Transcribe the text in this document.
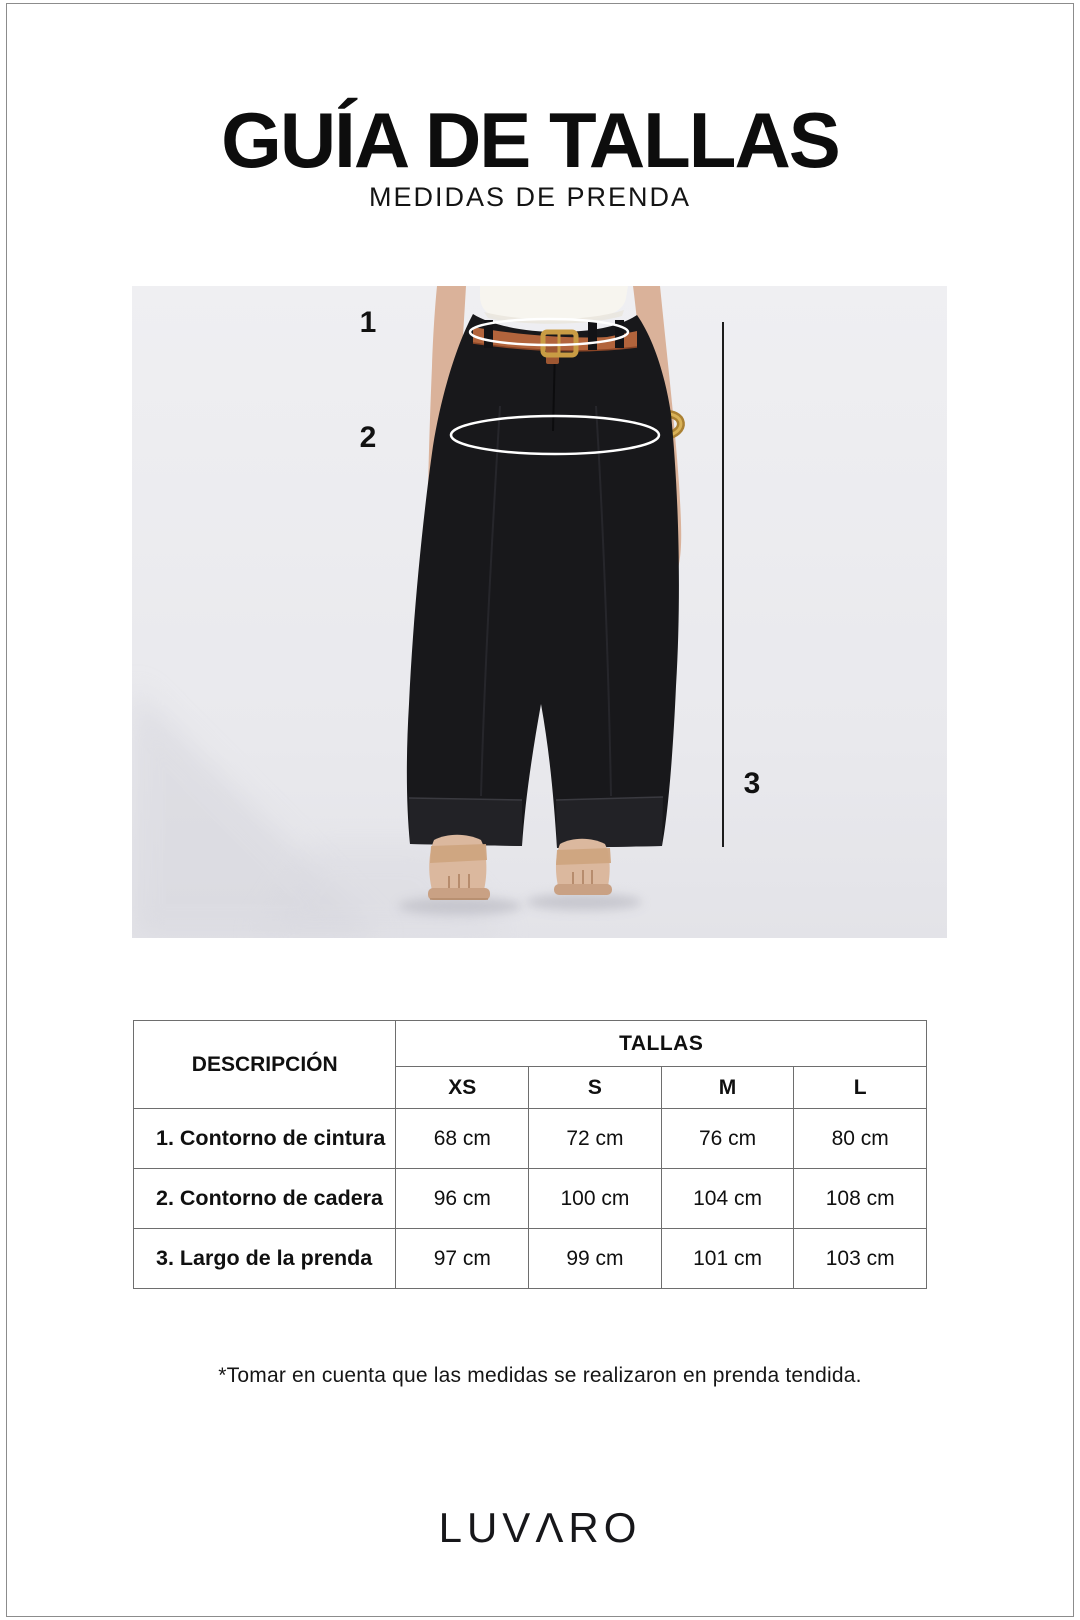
GUÍA DE TALLAS
MEDIDAS DE PRENDA
1
2
3
DESCRIPCIÓN	TALLAS			
	XS	S	M	L
1. Contorno de cintura	68 cm	72 cm	76 cm	80 cm
2. Contorno de cadera	96 cm	100 cm	104 cm	108 cm
3. Largo de la prenda	97 cm	99 cm	101 cm	103 cm
*Tomar en cuenta que las medidas se realizaron en prenda tendida.
LUVΛRO
